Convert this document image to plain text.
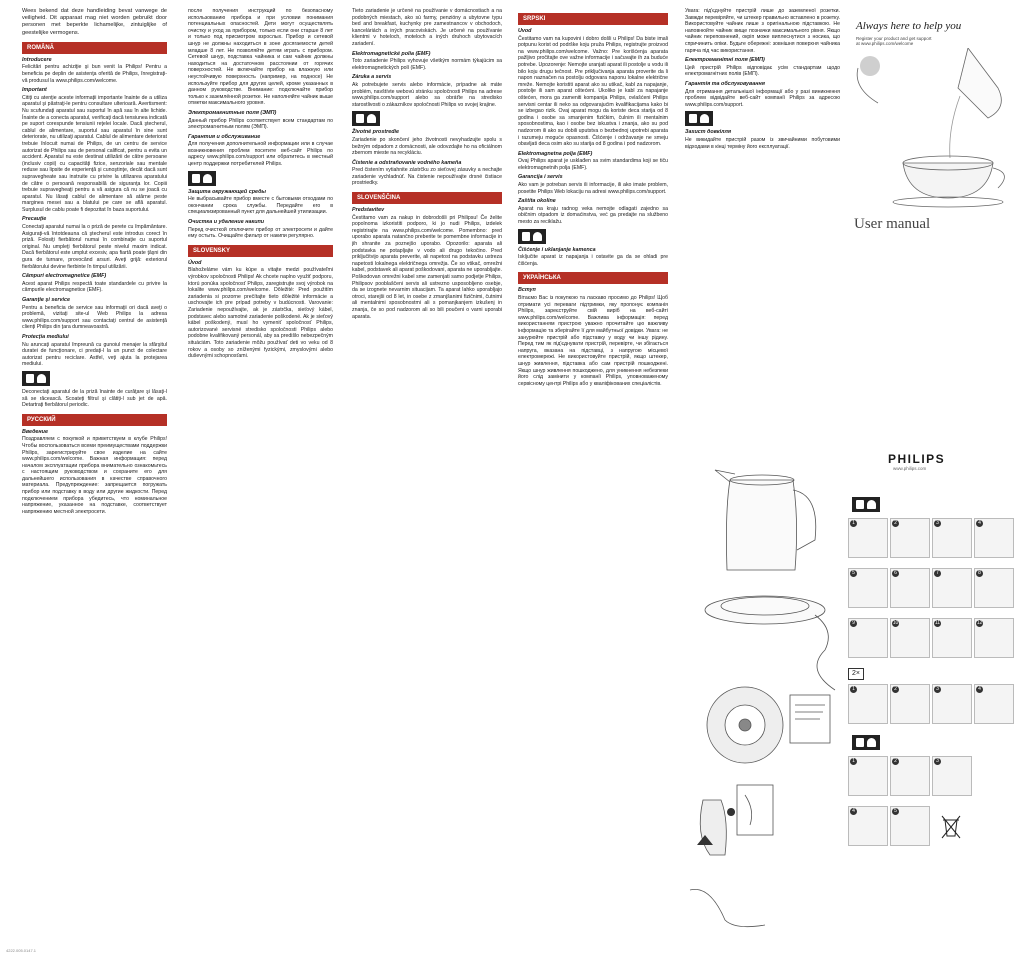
Wees bekend dat deze handleiding bevat vanwege de veiligheid. Dit apparaat mag niet worden gebruikt door personen met beperkte lichamelijke, zintuiglijke of geestelijke vermogens.

ROMÂNĂ
Introducere

Felicitări pentru achiziţie şi bun venit la Philips! Pentru a beneficia pe deplin de asistenţa oferită de Philips, înregistraţi-vă produsul la www.philips.com/welcome.

Important

Citiţi cu atenţie aceste informaţii importante înainte de a utiliza aparatul şi păstraţi-le pentru consultare ulterioară. Avertisment: Nu scufundaţi aparatul sau suportul în apă sau în alte lichide. Înainte de a conecta aparatul, verificaţi dacă tensiunea indicată pe suport corespunde tensiunii reţelei locale. Dacă ştecherul, cablul de alimentare, suportul sau aparatul în sine sunt deteriorate, nu utilizaţi aparatul. Cablul de alimentare deteriorat trebuie înlocuit numai de Philips, de un centru de service autorizat de Philips sau de personal calificat, pentru a evita un accident. Aparatul nu este destinat utilizării de către persoane (inclusiv copii) cu capacităţi fizice, senzoriale sau mentale reduse sau lipsite de experienţă şi cunoştinţe, decât dacă sunt supravegheate sau instruite cu privire la utilizarea aparatului de către o persoană responsabilă de siguranţa lor. Copiii trebuie supravegheaţi pentru a vă asigura că nu se joacă cu aparatul. Nu lăsaţi cablul de alimentare să atârne peste marginea mesei sau a blatului pe care se află aparatul. Surplusul de cablu poate fi depozitat în baza suportului.

Precauţie

Conectaţi aparatul numai la o priză de perete cu împământare. Asiguraţi-vă întotdeauna că ştecherul este introdus corect în priză. Folosiţi fierbătorul numai în combinaţie cu suportul original. Nu umpleţi fierbătorul peste nivelul maxim indicat. Dacă fierbătorul este umplut excesiv, apa fiartă poate ţâşni din gura de turnare, provocând arsuri. Aveţi grijă: exteriorul fierbătorului devine fierbinte în timpul utilizării.

Câmpuri electromagnetice (EMF)

Acest aparat Philips respectă toate standardele cu privire la câmpurile electromagnetice (EMF).

Garanţie şi service

Pentru a beneficia de service sau informaţii ori dacă aveţi o problemă, vizitaţi site-ul Web Philips la adresa www.philips.com/support sau contactaţi centrul de asistenţă clienţi Philips din ţara dumneavoastră.

Protecţia mediului

Nu aruncaţi aparatul împreună cu gunoiul menajer la sfârşitul duratei de funcţionare, ci predaţi-l la un punct de colectare autorizat pentru reciclare. Astfel, veţi ajuta la protejarea mediului.

Deconectaţi aparatul de la priză înainte de curăţare şi lăsaţi-l să se răcească. Scoateţi filtrul şi clătiţi-l sub jet de apă. Detartraţi fierbătorul periodic.

РУССКИЙ
Введение

Поздравляем с покупкой и приветствуем в клубе Philips! Чтобы воспользоваться всеми преимуществами поддержки Philips, зарегистрируйте свое изделие на сайте www.philips.com/welcome. Важная информация: перед началом эксплуатации прибора внимательно ознакомьтесь с настоящим руководством и сохраните его для дальнейшего использования в качестве справочного материала. Предупреждение: запрещается погружать прибор или подставку в воду или другие жидкости. Перед подключением прибора убедитесь, что номинальное напряжение, указанное на подставке, соответствует напряжению местной электросети.

после получения инструкций по безопасному использованию прибора и при условии понимания потенциальных опасностей. Дети могут осуществлять очистку и уход за прибором, только если они старше 8 лет и только под присмотром взрослых. Прибор и сетевой шнур не должны находиться в зоне досягаемости детей младше 8 лет. Не позволяйте детям играть с прибором. Сетевой шнур, подставка чайника и сам чайник должны находиться на достаточном расстоянии от горячих поверхностей. Не включайте прибор на влажную или неустойчивую поверхность (например, на подносе) Не используйте прибор для других целей, кроме указанных в данном руководстве. Внимание: подключайте прибор только к заземлённой розетке. Не наполняйте чайник выше отметки максимального уровня.

Электромагнитные поля (ЭМП)

Данный прибор Philips соответствует всем стандартам по электромагнитным полям (ЭМП).

Гарантия и обслуживание

Для получения дополнительной информации или в случае возникновения проблем посетите веб-сайт Philips по адресу www.philips.com/support или обратитесь в местный центр поддержки потребителей Philips.

Защита окружающей среды

Не выбрасывайте прибор вместе с бытовыми отходами по окончании срока службы. Передайте его в специализированный пункт для дальнейшей утилизации.

Очистка и удаление накипи

Перед очисткой отключите прибор от электросети и дайте ему остыть. Очищайте фильтр от накипи регулярно.

SLOVENSKY
Úvod

Blahoželáme vám ku kúpe a vitajte medzi používateľmi výrobkov spoločnosti Philips! Ak chcete naplno využiť podporu, ktorú ponúka spoločnosť Philips, zaregistrujte svoj výrobok na lokalite www.philips.com/welcome. Dôležité: Pred použitím zariadenia si pozorne prečítajte tieto dôležité informácie a uschovajte ich pre prípad potreby v budúcnosti. Varovanie: Zariadenie nepoužívajte, ak je zástrčka, sieťový kábel, podstavec alebo samotné zariadenie poškodené. Ak je sieťový kábel poškodený, musí ho vymeniť spoločnosť Philips, autorizované servisné stredisko spoločnosti Philips alebo podobne kvalifikovaný personál, aby sa predišlo nebezpečným situáciám. Toto zariadenie môžu používať deti vo veku od 8 rokov a osoby so zníženými fyzickými, zmyslovými alebo duševnými schopnosťami.

Tieto zariadenie je určené na používanie v domácnostiach a na podobných miestach, ako sú farmy, penzióny a ubytovne typu bed and breakfast, kuchynky pre zamestnancov v obchodoch, kanceláriách a iných pracoviskách. Je určené na používanie klientmi v hoteloch, moteloch a iných druhoch ubytovacích zariadení.

Elektromagnetické polia (EMF)

Toto zariadenie Philips vyhovuje všetkým normám týkajúcim sa elektromagnetických polí (EMF).

Záruka a servis

Ak potrebujete servis alebo informácie, prípadne ak máte problém, navštívte webovú stránku spoločnosti Philips na adrese www.philips.com/support alebo sa obráťte na stredisko starostlivosti o zákazníkov spoločnosti Philips vo svojej krajine.

Životné prostredie

Zariadenie po skončení jeho životnosti nevyhadzujte spolu s bežným odpadom z domácnosti, ale odovzdajte ho na oficiálnom zbernom mieste na recykláciu.

Čistenie a odstraňovanie vodného kameňa

Pred čistením vytiahnite zástrčku zo sieťovej zásuvky a nechajte zariadenie vychladnúť. Na čistenie nepoužívajte drsné čistiace prostriedky.

SLOVENŠČINA
Predstavitev

Čestitamo vam za nakup in dobrodošli pri Philipsu! Če želite popolnoma izkoristiti podporo, ki jo nudi Philips, izdelek registrirajte na www.philips.com/welcome. Pomembno: pred uporabo aparata natančno preberite te pomembne informacije in jih shranite za poznejšo uporabo. Opozorilo: aparata ali podstavka ne potapljajte v vodo ali drugo tekočino. Pred priključitvijo aparata preverite, ali napetost na podstavku ustreza napetosti lokalnega električnega omrežja. Če so vtikač, omrežni kabel, podstavek ali aparat poškodovani, aparata ne uporabljajte. Poškodovan omrežni kabel sme zamenjati samo podjetje Philips, Philipsov pooblaščeni servis ali ustrezno usposobljeno osebje, da se izognete nevarnim situacijam. Ta aparat lahko uporabljajo otroci, starejši od 8 let, in osebe z zmanjšanimi fizičnimi, čutnimi ali mentalnimi sposobnostmi ali s pomanjkanjem izkušenj in znanja, če so pod nadzorom ali so bili poučeni o varni uporabi aparata.

SRPSKI
Uvod

Čestitamo vam na kupovini i dobro došli u Philips! Da biste imali potpunu korist od podrške koju pruža Philips, registrujte proizvod na www.philips.com/welcome. Važno: Pre korišćenja aparata pažljivo pročitajte ove važne informacije i sačuvajte ih za buduće potrebe. Upozorenje: Nemojte uranjati aparat ili postolje u vodu ili bilo koju drugu tečnost. Pre priključivanja aparata proverite da li napon naznačen na postolju odgovara naponu lokalne električne mreže. Nemojte koristiti aparat ako su utikač, kabl za napajanje, postolje ili sam aparat oštećeni. Ukoliko je kabl za napajanje oštećen, mora ga zameniti kompanija Philips, ovlašćeni Philips servisni centar ili neko sa odgovarajućim kvalifikacijama kako bi se izbegao rizik. Ovaj aparat mogu da koriste deca starija od 8 godina i osobe sa smanjenim fizičkim, čulnim ili mentalnim sposobnostima, kao i osobe bez iskustva i znanja, ako su pod nadzorom ili ako su dobili uputstva o bezbednoj upotrebi aparata i razumeju moguće opasnosti. Čišćenje i održavanje ne smeju obavljati deca osim ako su starija od 8 godina i pod nadzorom.

Elektromagnetna polja (EMF)

Ovaj Philips aparat je usklađen sa svim standardima koji se tiču elektromagnetnih polja (EMF).

Garancija i servis

Ako vam je potreban servis ili informacije, ili ako imate problem, posetite Philips Web lokaciju na adresi www.philips.com/support.

Zaštita okoline

Aparat na kraju radnog veka nemojte odlagati zajedno sa običnim otpadom iz domaćinstva, već ga predajte na službeno mesto za reciklažu.

Čišćenje i uklanjanje kamenca

Isključite aparat iz napajanja i ostavite ga da se ohladi pre čišćenja.

УКРАЇНСЬКА
Вступ

Вітаємо Вас із покупкою та ласкаво просимо до Philips! Щоб отримати усі переваги підтримки, яку пропонує компанія Philips, зареєструйте свій виріб на веб-сайті www.philips.com/welcome. Важлива інформація: перед використанням пристрою уважно прочитайте цю важливу інформацію та зберігайте її для майбутньої довідки. Увага: не занурюйте пристрій або підставку у воду чи іншу рідину. Перед тим як під'єднувати пристрій, перевірте, чи збігається напруга, вказана на підставці, з напругою місцевої електромережі. Не використовуйте пристрій, якщо штекер, шнур живлення, підставка або сам пристрій пошкоджені. Якщо шнур живлення пошкоджено, для уникнення небезпеки його слід замінити у компанії Philips, уповноваженому сервісному центрі Philips або у кваліфікованих спеціалістів.

Увага: під'єднуйте пристрій лише до заземленої розетки. Завжди перевіряйте, чи штекер правильно вставлено в розетку. Використовуйте чайник лише з оригінальною підставкою. Не наповнюйте чайник вище позначки максимального рівня. Якщо чайник переповнений, окріп може виплеснутися з носика, що спричинить опіки. Будьте обережні: зовнішня поверхня чайника гаряча під час використання.

Електромагнітні поля (ЕМП)

Цей пристрій Philips відповідає усім стандартам щодо електромагнітних полів (ЕМП).

Гарантія та обслуговування

Для отримання детальнішої інформації або у разі виникнення проблем відвідайте веб-сайт компанії Philips за адресою www.philips.com/support.

Захист довкілля

Не викидайте пристрій разом із звичайними побутовими відходами в кінці терміну його експлуатації.

Always here to help you
Register your product and get support at www.philips.com/welcome
User manual
PHILIPS
www.philips.com
1	2	3	4
5	6	7	8
9	10	11	12
2×
1	2	3	4
1	2	3
4	5
4222.005.0147.1
